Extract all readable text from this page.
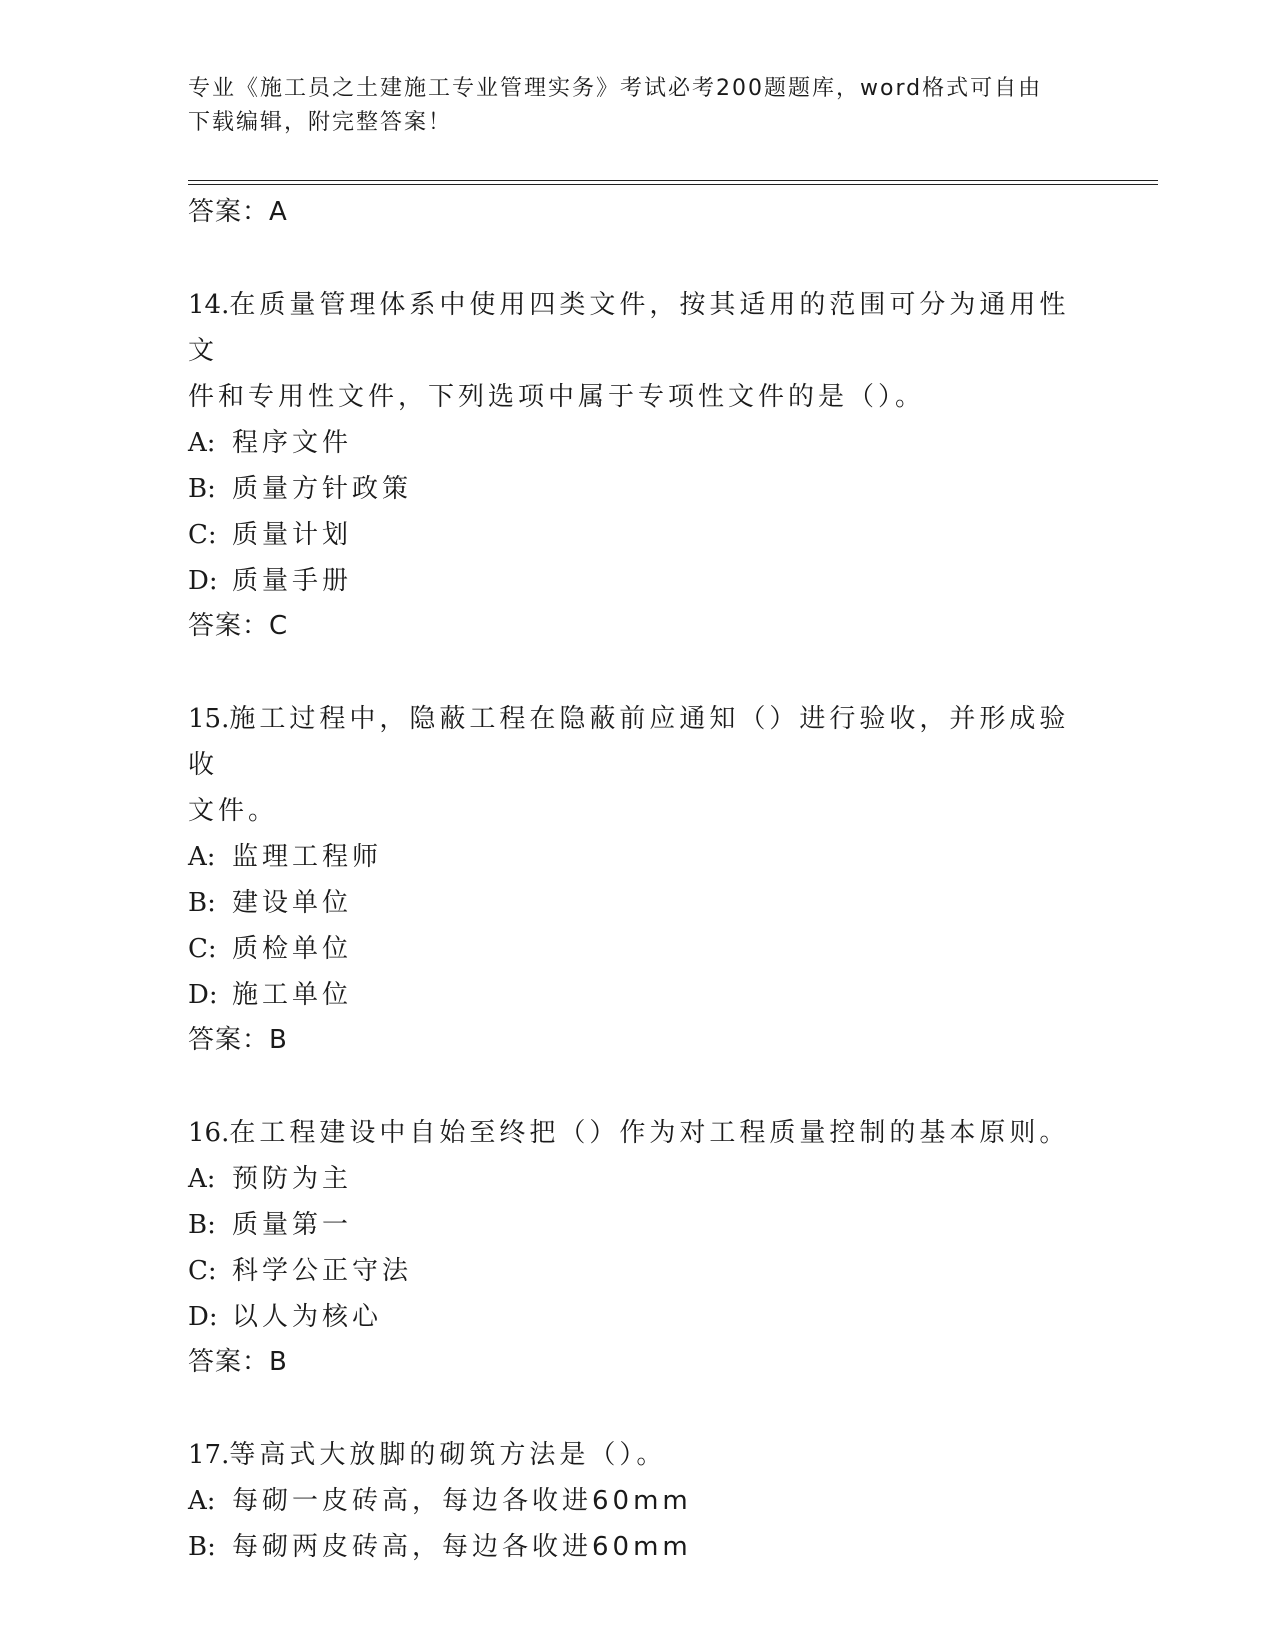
专业《施工员之土建施工专业管理实务》考试必考200题题库，word格式可自由
下载编辑，附完整答案！
答案：A
14.在质量管理体系中使用四类文件，按其适用的范围可分为通用性文
件和专用性文件，下列选项中属于专项性文件的是（）。
A: 程序文件
B: 质量方针政策
C: 质量计划
D: 质量手册
答案：C
15.施工过程中，隐蔽工程在隐蔽前应通知（）进行验收，并形成验收
文件。
A: 监理工程师
B: 建设单位
C: 质检单位
D: 施工单位
答案：B
16.在工程建设中自始至终把（）作为对工程质量控制的基本原则。
A: 预防为主
B: 质量第一
C: 科学公正守法
D: 以人为核心
答案：B
17.等高式大放脚的砌筑方法是（）。
A: 每砌一皮砖高，每边各收进60mm
B: 每砌两皮砖高，每边各收进60mm
